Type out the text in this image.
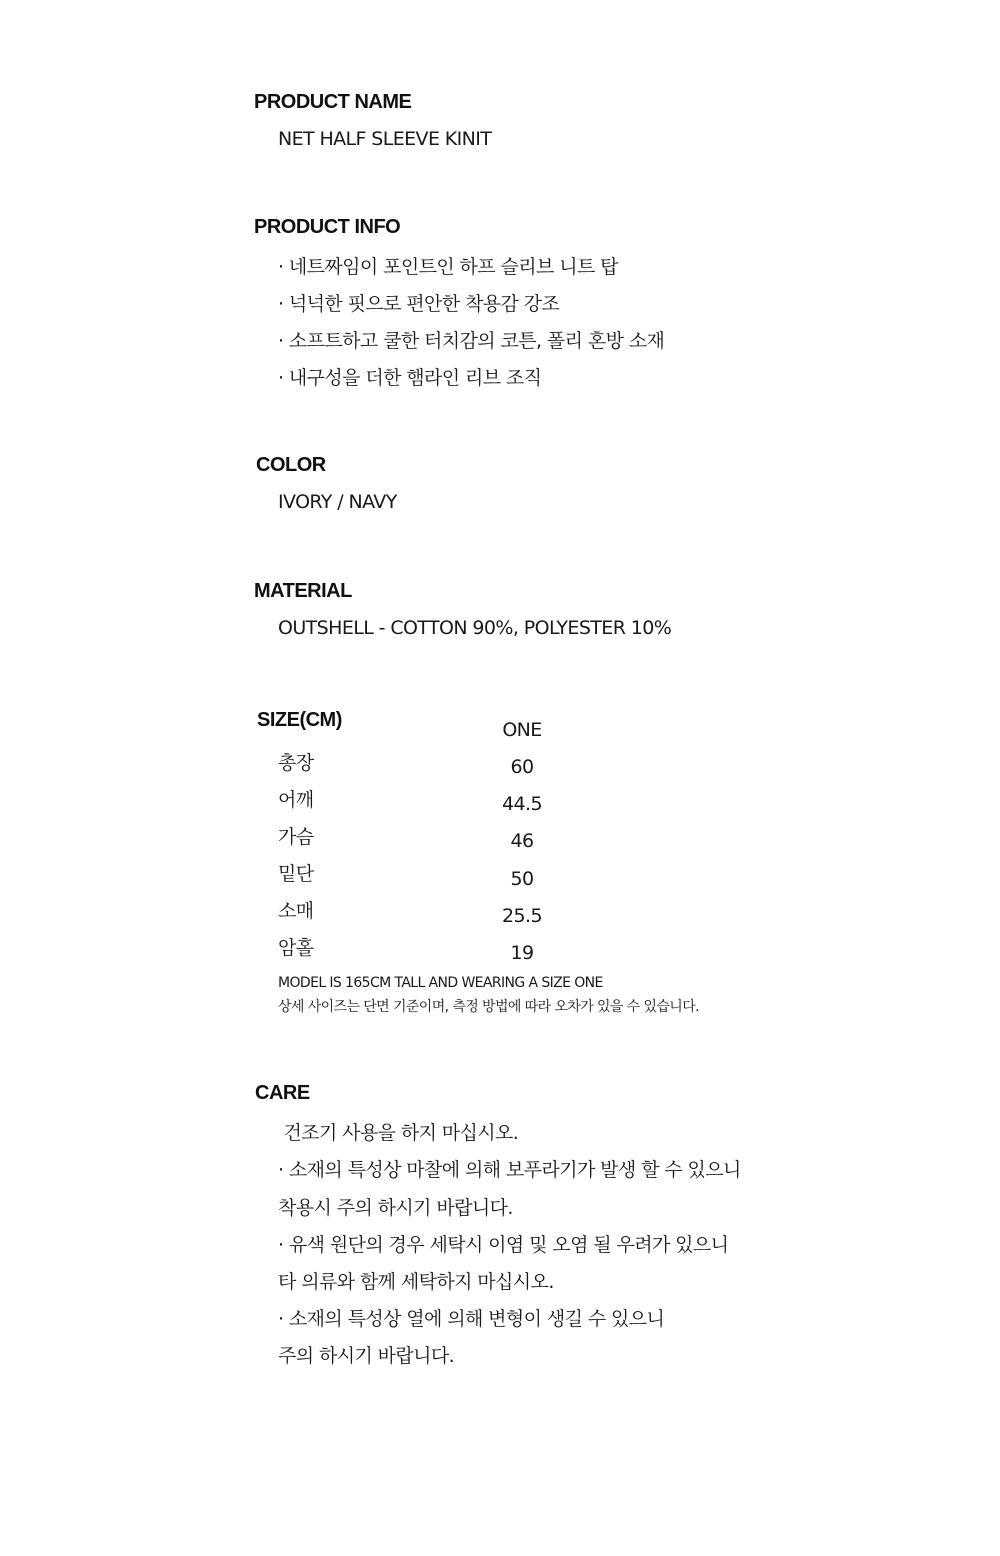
PRODUCT NAME
NET HALF SLEEVE KINIT
PRODUCT INFO
· 네트짜임이 포인트인 하프 슬리브 니트 탑
· 넉넉한 핏으로 편안한 착용감 강조
· 소프트하고 쿨한 터치감의 코튼, 폴리 혼방 소재
· 내구성을 더한 햄라인 리브 조직
COLOR
IVORY / NAVY
MATERIAL
OUTSHELL - COTTON 90%, POLYESTER 10%
SIZE(CM)	ONE
총장	60
어깨	44.5
가슴	46
밑단	50
소매	25.5
암홀	19
MODEL IS 165CM TALL AND WEARING A SIZE ONE
상세 사이즈는 단면 기준이며, 측정 방법에 따라 오차가 있을 수 있습니다.
CARE
건조기 사용을 하지 마십시오.
· 소재의 특성상 마찰에 의해 보푸라기가 발생 할 수 있으니
착용시 주의 하시기 바랍니다.
· 유색 원단의 경우 세탁시 이염 및 오염 될 우려가 있으니
타 의류와 함께 세탁하지 마십시오.
· 소재의 특성상 열에 의해 변형이 생길 수 있으니
주의 하시기 바랍니다.
